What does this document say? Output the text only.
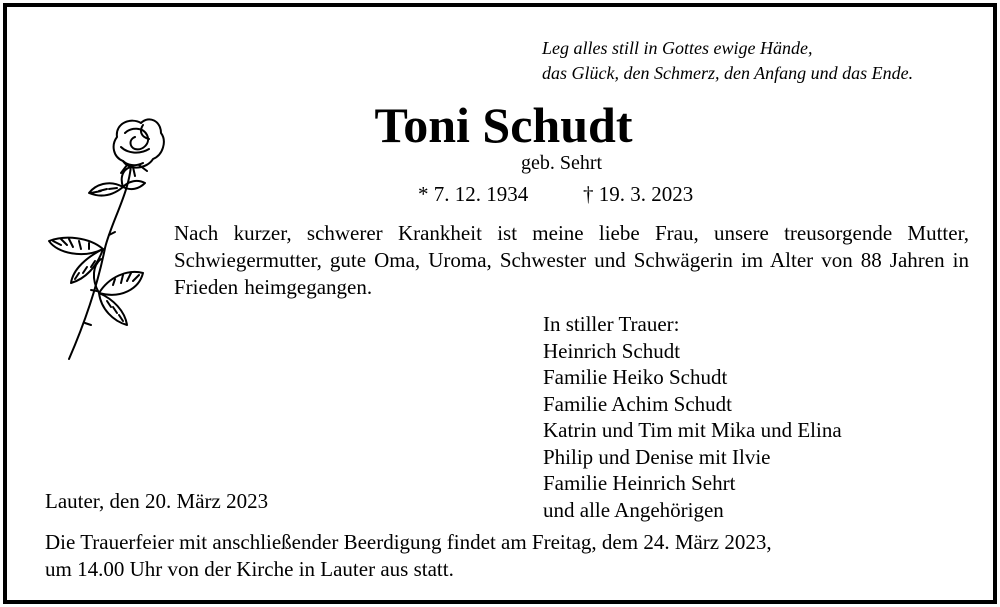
Leg alles still in Gottes ewige Hände,
das Glück, den Schmerz, den Anfang und das Ende.
Toni Schudt
geb. Sehrt
* 7. 12. 1934	† 19. 3. 2023
Nach kurzer, schwerer Krankheit ist meine liebe Frau, unsere treusorgende Mutter, Schwiegermutter, gute Oma, Uroma, Schwester und Schwägerin im Alter von 88 Jahren in Frieden heimgegangen.
In stiller Trauer:
Heinrich Schudt
Familie Heiko Schudt
Familie Achim Schudt
Katrin und Tim mit Mika und Elina
Philip und Denise mit Ilvie
Familie Heinrich Sehrt
und alle Angehörigen
Lauter, den 20. März 2023
Die Trauerfeier mit anschließender Beerdigung findet am Freitag, dem 24. März 2023,
um 14.00 Uhr von der Kirche in Lauter aus statt.
